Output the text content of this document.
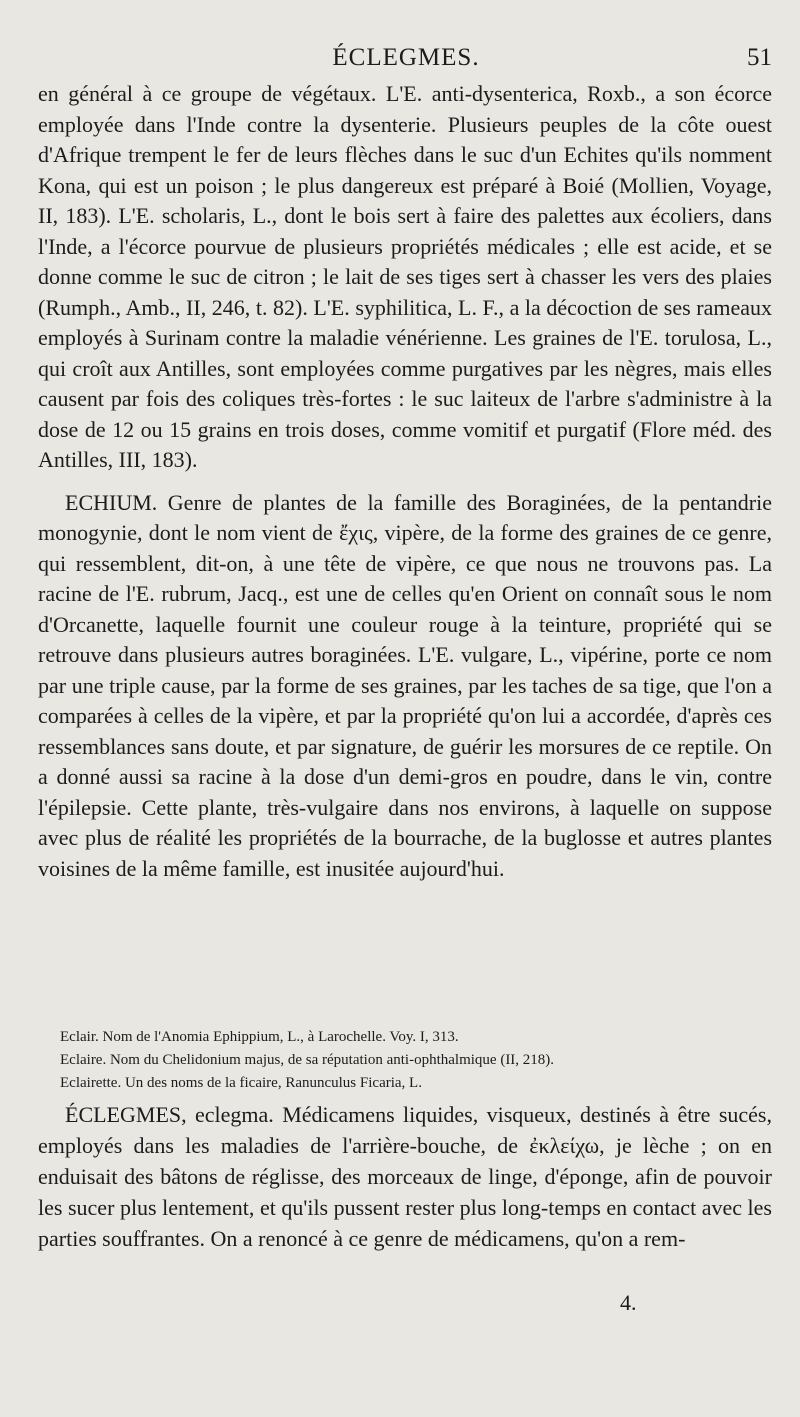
ÉCLEGMES.	51

en général à ce groupe de végétaux. L'E. anti-dysenterica, Roxb., a son écorce employée dans l'Inde contre la dysenterie. Plusieurs peuples de la côte ouest d'Afrique trempent le fer de leurs flèches dans le suc d'un Echites qu'ils nomment Kona, qui est un poison ; le plus dangereux est préparé à Boié (Mollien, Voyage, II, 183). L'E. scholaris, L., dont le bois sert à faire des palettes aux écoliers, dans l'Inde, a l'écorce pourvue de plusieurs propriétés médicales ; elle est acide, et se donne comme le suc de citron ; le lait de ses tiges sert à chasser les vers des plaies (Rumph., Amb., II, 246, t. 82). L'E. syphilitica, L. F., a la décoction de ses rameaux employés à Surinam contre la maladie vénérienne. Les graines de l'E. torulosa, L., qui croît aux Antilles, sont employées comme purgatives par les nègres, mais elles causent par fois des coliques très-fortes : le suc laiteux de l'arbre s'administre à la dose de 12 ou 15 grains en trois doses, comme vomitif et purgatif (Flore méd. des Antilles, III, 183).

ECHIUM. Genre de plantes de la famille des Boraginées, de la pentandrie monogynie, dont le nom vient de ἔχις, vipère, de la forme des graines de ce genre, qui ressemblent, dit-on, à une tête de vipère, ce que nous ne trouvons pas. La racine de l'E. rubrum, Jacq., est une de celles qu'en Orient on connaît sous le nom d'Orcanette, laquelle fournit une couleur rouge à la teinture, propriété qui se retrouve dans plusieurs autres boraginées. L'E. vulgare, L., vipérine, porte ce nom par une triple cause, par la forme de ses graines, par les taches de sa tige, que l'on a comparées à celles de la vipère, et par la propriété qu'on lui a accordée, d'après ces ressemblances sans doute, et par signature, de guérir les morsures de ce reptile. On a donné aussi sa racine à la dose d'un demi-gros en poudre, dans le vin, contre l'épilepsie. Cette plante, très-vulgaire dans nos environs, à laquelle on suppose avec plus de réalité les propriétés de la bourrache, de la buglosse et autres plantes voisines de la même famille, est inusitée aujourd'hui.

Eclair. Nom de l'Anomia Ephippium, L., à Larochelle. Voy. I, 313.

Eclaire. Nom du Chelidonium majus, de sa réputation anti-ophthalmique (II, 218).

Eclairette. Un des noms de la ficaire, Ranunculus Ficaria, L.

ÉCLEGMES, eclegma. Médicamens liquides, visqueux, destinés à être sucés, employés dans les maladies de l'arrière-bouche, de ἐκλείχω, je lèche ; on en enduisait des bâtons de réglisse, des morceaux de linge, d'éponge, afin de pouvoir les sucer plus lentement, et qu'ils pussent rester plus long-temps en contact avec les parties souffrantes. On a renoncé à ce genre de médicamens, qu'on a rem-

4.
